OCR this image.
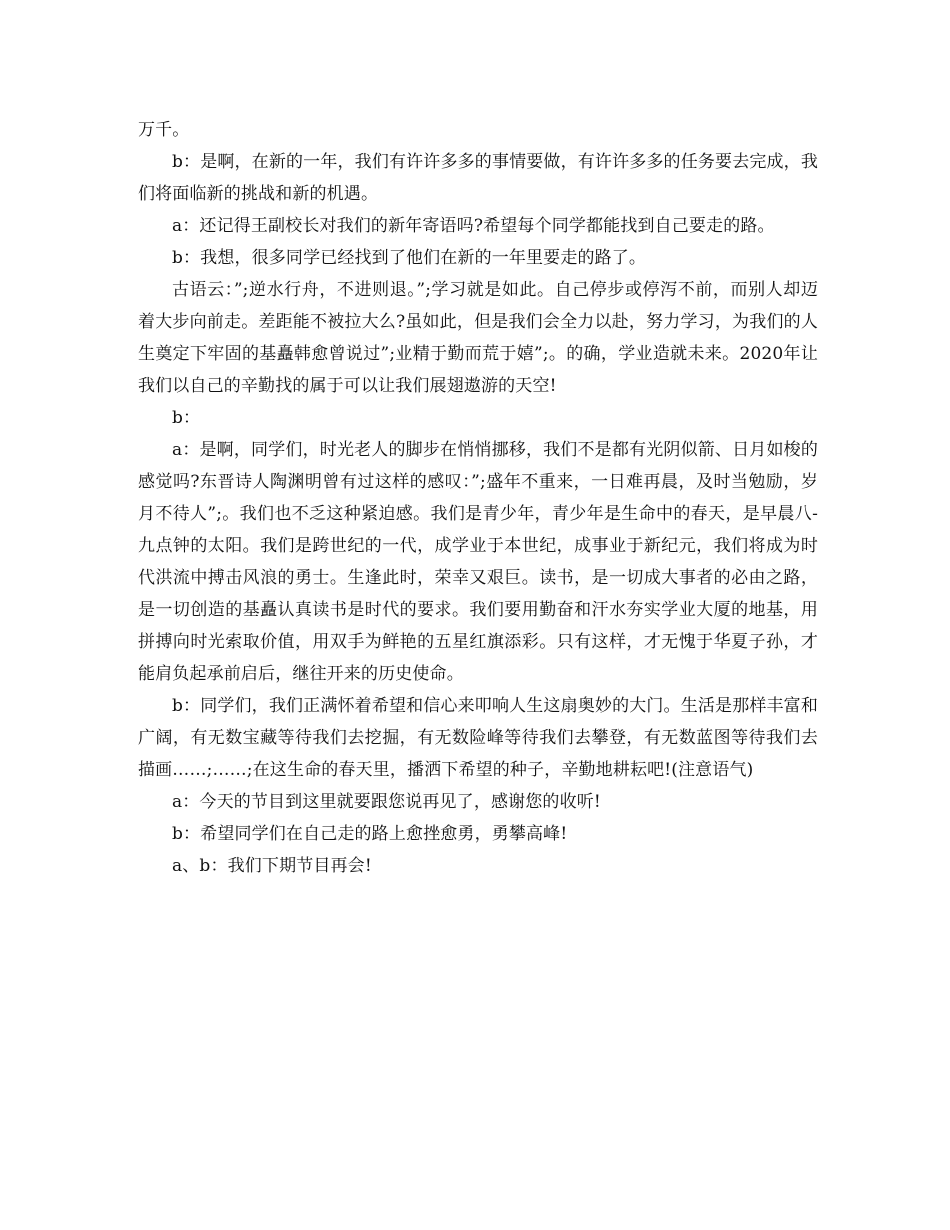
万千。

b：是啊，在新的一年，我们有许许多多的事情要做，有许许多多的任务要去完成，我们将面临新的挑战和新的机遇。

a：还记得王副校长对我们的新年寄语吗?希望每个同学都能找到自己要走的路。

b：我想，很多同学已经找到了他们在新的一年里要走的路了。

古语云：”;逆水行舟，不进则退。”;学习就是如此。自己停步或停泻不前，而别人却迈着大步向前走。差距能不被拉大么?虽如此，但是我们会全力以赴，努力学习，为我们的人生奠定下牢固的基矗韩愈曾说过”;业精于勤而荒于嬉”;。的确，学业造就未来。2020年让我们以自己的辛勤找的属于可以让我们展翅遨游的天空!

b：

a：是啊，同学们，时光老人的脚步在悄悄挪移，我们不是都有光阴似箭、日月如梭的感觉吗?东晋诗人陶渊明曾有过这样的感叹：”;盛年不重来，一日难再晨，及时当勉励，岁月不待人”;。我们也不乏这种紧迫感。我们是青少年，青少年是生命中的春天，是早晨八-九点钟的太阳。我们是跨世纪的一代，成学业于本世纪，成事业于新纪元，我们将成为时代洪流中搏击风浪的勇士。生逢此时，荣幸又艰巨。读书，是一切成大事者的必由之路，是一切创造的基矗认真读书是时代的要求。我们要用勤奋和汗水夯实学业大厦的地基，用拼搏向时光索取价值，用双手为鲜艳的五星红旗添彩。只有这样，才无愧于华夏子孙，才能肩负起承前启后，继往开来的历史使命。

b：同学们，我们正满怀着希望和信心来叩响人生这扇奥妙的大门。生活是那样丰富和广阔，有无数宝藏等待我们去挖掘，有无数险峰等待我们去攀登，有无数蓝图等待我们去描画……;……;在这生命的春天里，播洒下希望的种子，辛勤地耕耘吧!(注意语气)

a：今天的节目到这里就要跟您说再见了，感谢您的收听!

b：希望同学们在自己走的路上愈挫愈勇，勇攀高峰!

a、b：我们下期节目再会!
